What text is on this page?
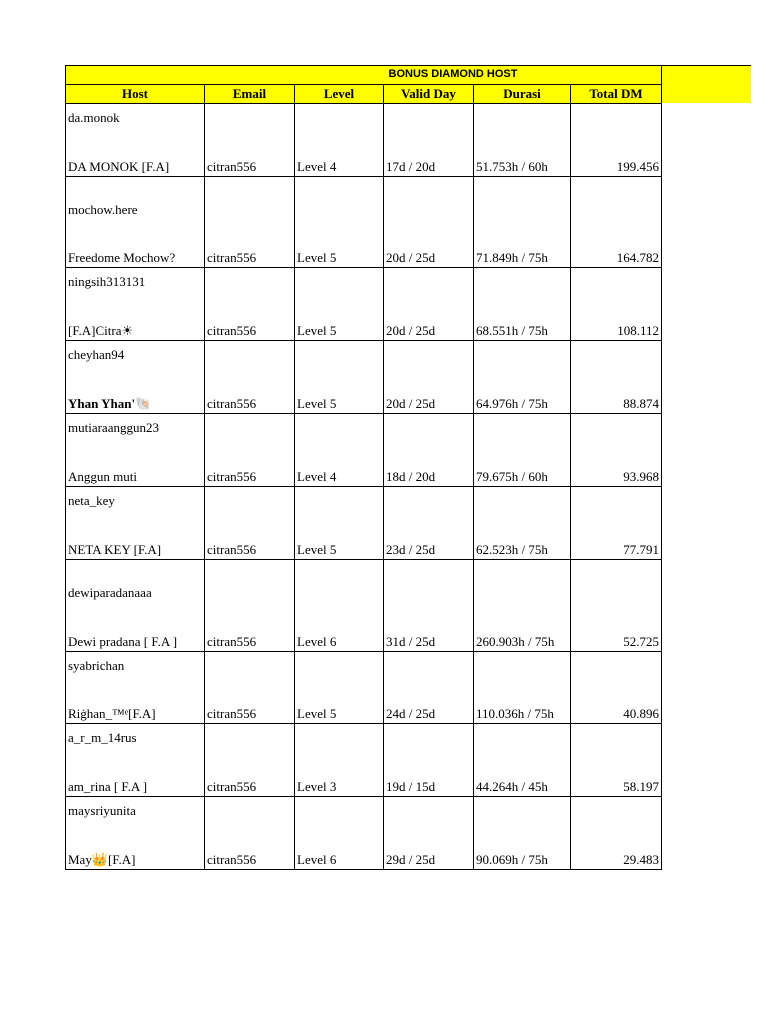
BONUS DIAMOND HOST
Host	Email	Level	Valid Day	Durasi	Total DM

da.monok
DA MONOK [F.A]	citran556	Level 4	17d / 20d	51.753h / 60h	199.456

mochow.here
Freedome Mochow?	citran556	Level 5	20d / 25d	71.849h / 75h	164.782

ningsih313131
[F.A]Citra☀	citran556	Level 5	20d / 25d	68.551h / 75h	108.112

cheyhan94
Yhan Yhan'🐚	citran556	Level 5	20d / 25d	64.976h / 75h	88.874

mutiaraanggun23
Anggun muti	citran556	Level 4	18d / 20d	79.675h / 60h	93.968

neta_key
NETA KEY [F.A]	citran556	Level 5	23d / 25d	62.523h / 75h	77.791

dewiparadanaaa
Dewi pradana [ F.A ]	citran556	Level 6	31d / 25d	260.903h / 75h	52.725

syabrichan
Riġhan_™ᵉ[F.A]	citran556	Level 5	24d / 25d	110.036h / 75h	40.896

a_r_m_14rus
am_rina [ F.A ]	citran556	Level 3	19d / 15d	44.264h / 45h	58.197

maysriyunita
May👑[F.A]	citran556	Level 6	29d / 25d	90.069h / 75h	29.483
